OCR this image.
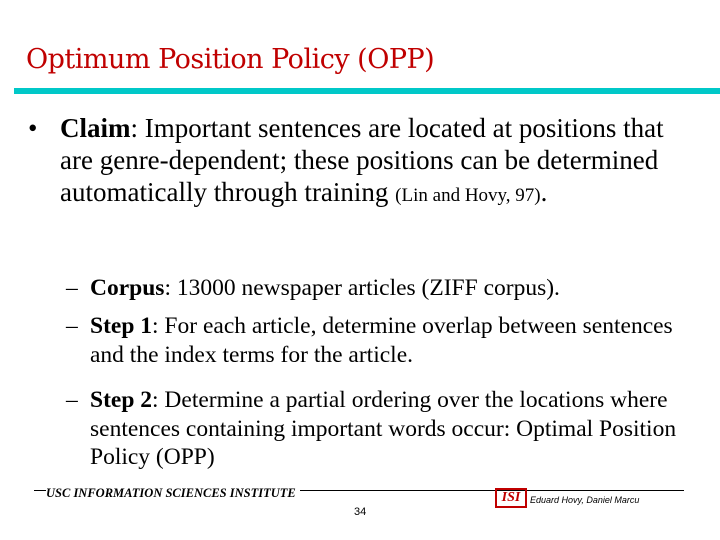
Optimum Position Policy (OPP)
• Claim: Important sentences are located at positions that are genre-dependent; these positions can be determined automatically through training (Lin and Hovy, 97).
– Corpus: 13000 newspaper articles (ZIFF corpus).
– Step 1: For each article, determine overlap between sentences and the index terms for the article.
– Step 2: Determine a partial ordering over the locations where sentences containing important words occur: Optimal Position Policy (OPP)
USC INFORMATION SCIENCES INSTITUTE	ISI	Eduard Hovy, Daniel Marcu
34
